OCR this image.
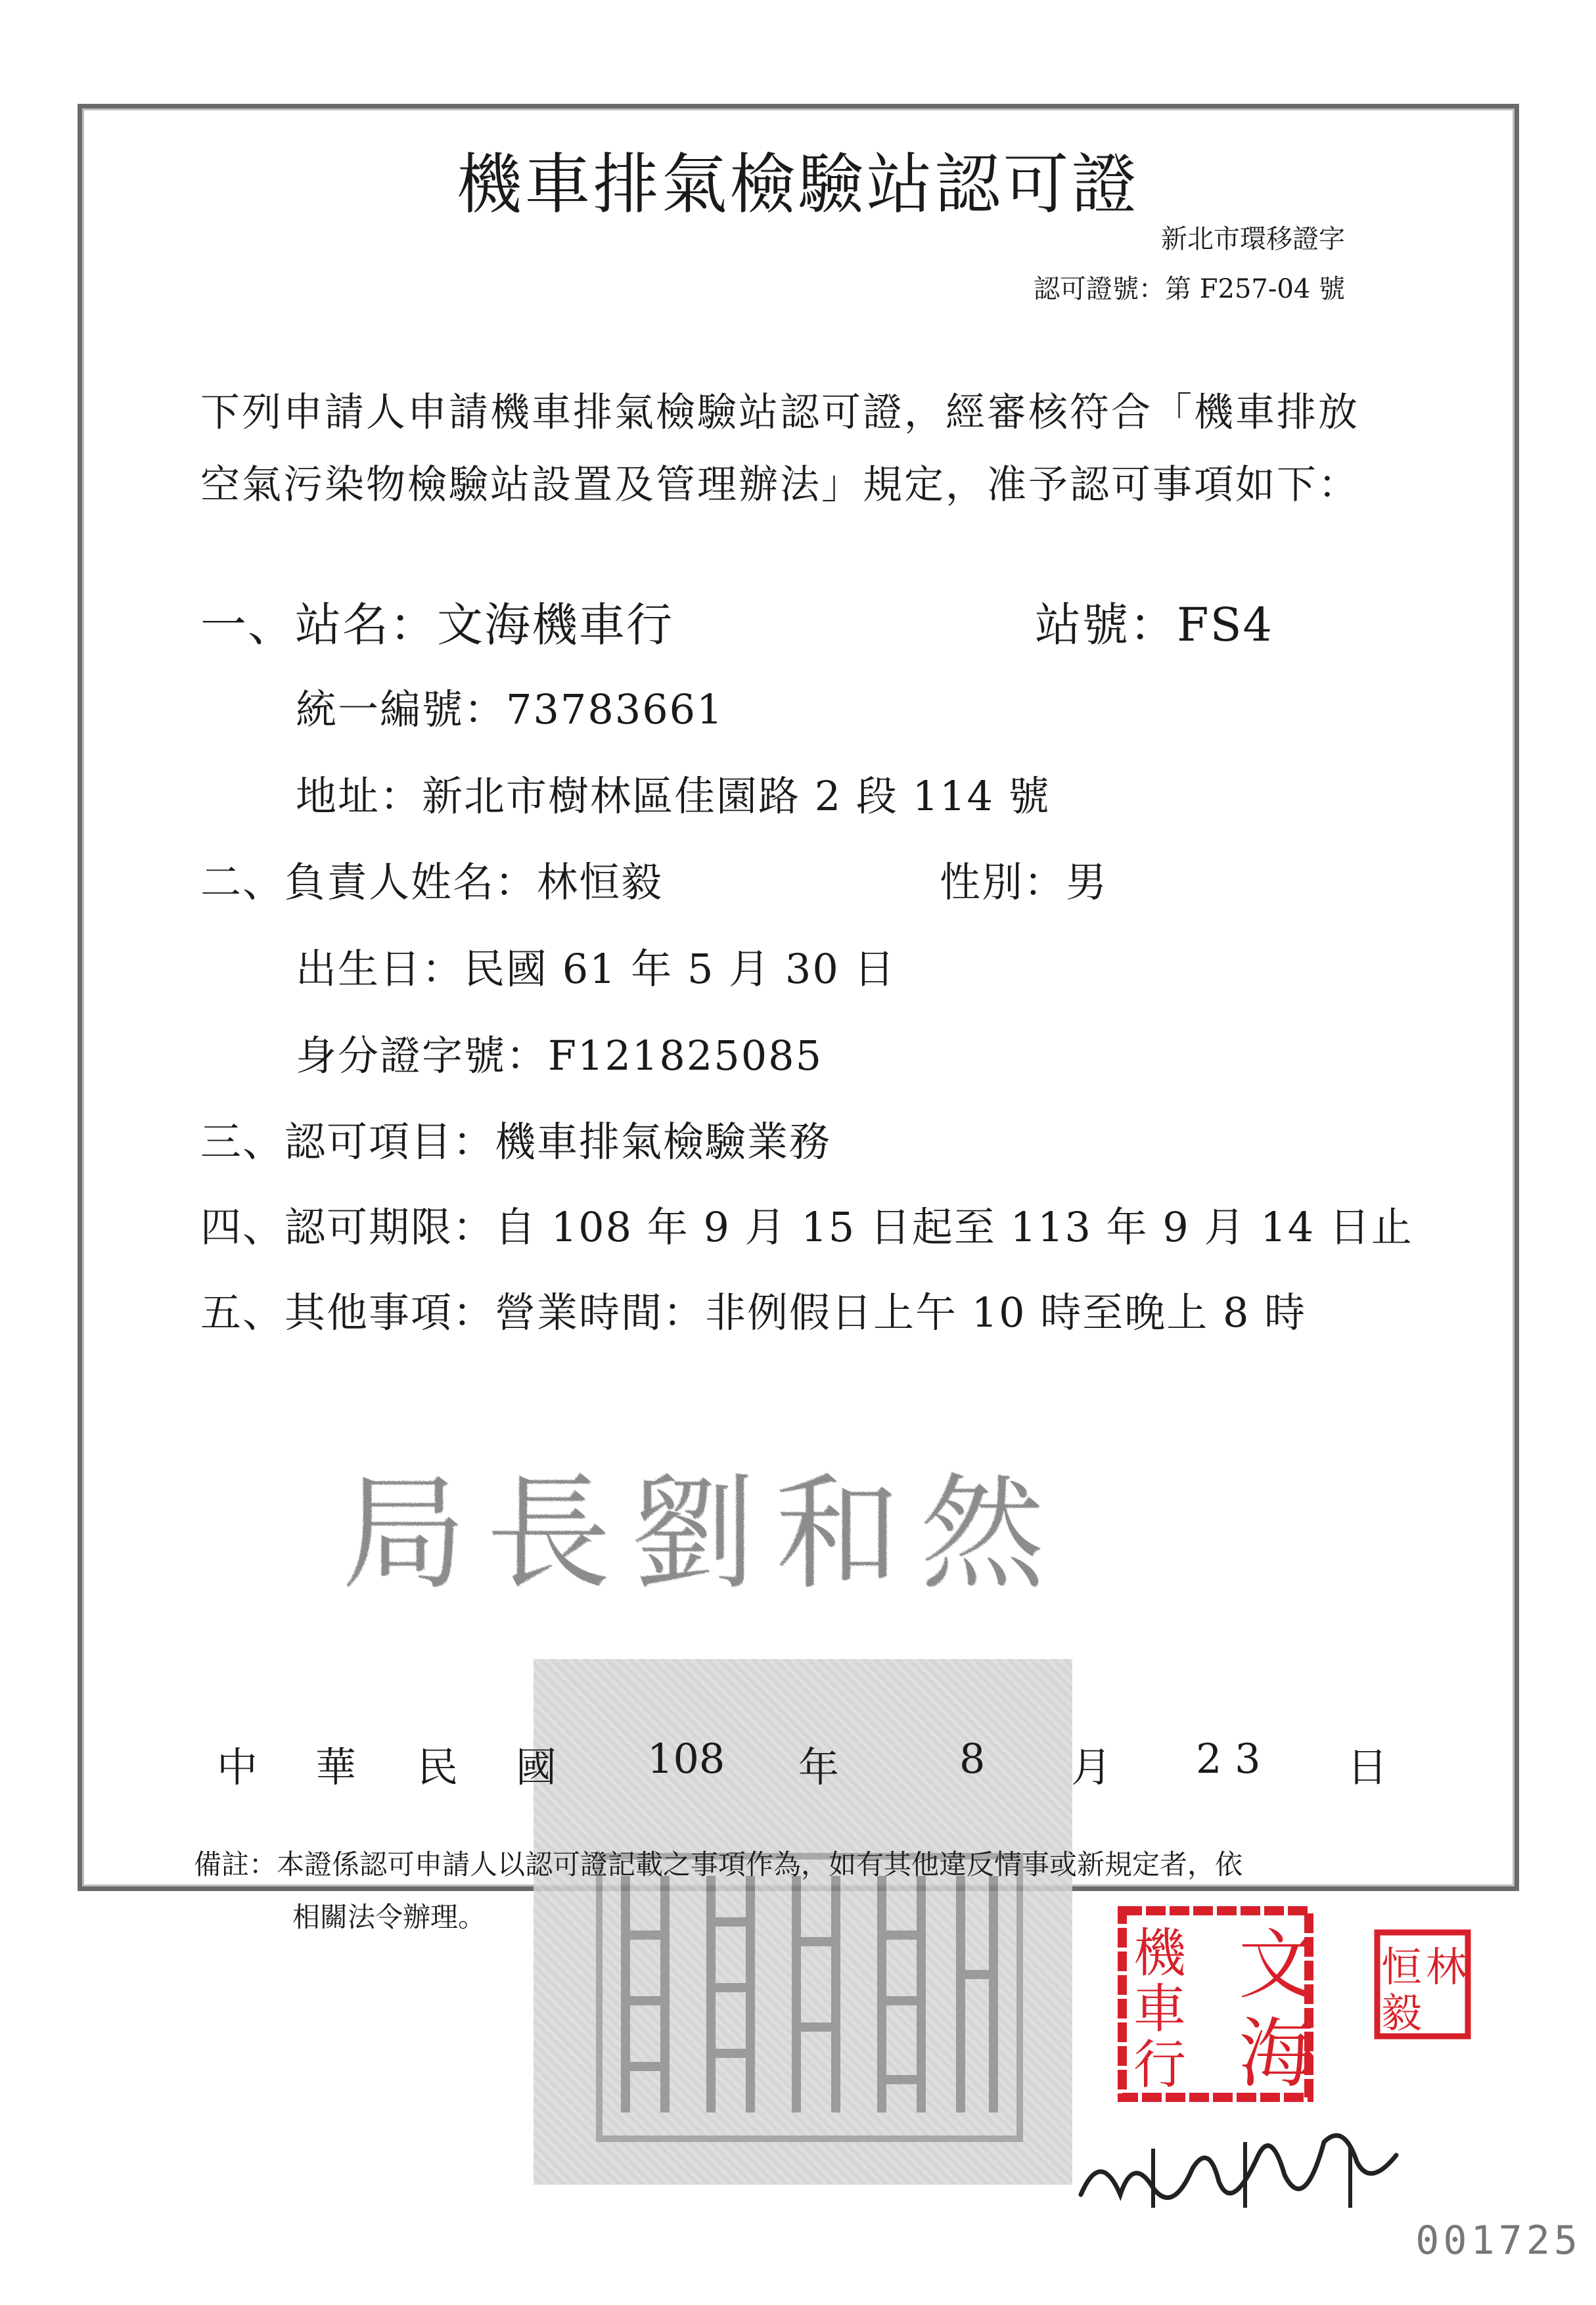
機車排氣檢驗站認可證
新北市環移證字
認可證號：第 F257-04 號
下列申請人申請機車排氣檢驗站認可證，經審核符合「機車排放
空氣污染物檢驗站設置及管理辦法」規定，准予認可事項如下：
一、站名：文海機車行	站號：FS4
統一編號：73783661
地址：新北市樹林區佳園路 2 段 114 號
二、負責人姓名：林恒毅	性別：男
出生日：民國 61 年 5 月 30 日
身分證字號：F121825085
三、認可項目：機車排氣檢驗業務
四、認可期限：自 108 年 9 月 15 日起至 113 年 9 月 14 日止
五、其他事項：營業時間：非例假日上午 10 時至晚上 8 時
局長劉和然
中 華 民 國 108 年	8 月 2 3 日
備註：本證係認可申請人以認可證記載之事項作為，如有其他違反情事或新規定者，依
相關法令辦理。
文
海
機
車
行
林
恒
毅
001725
